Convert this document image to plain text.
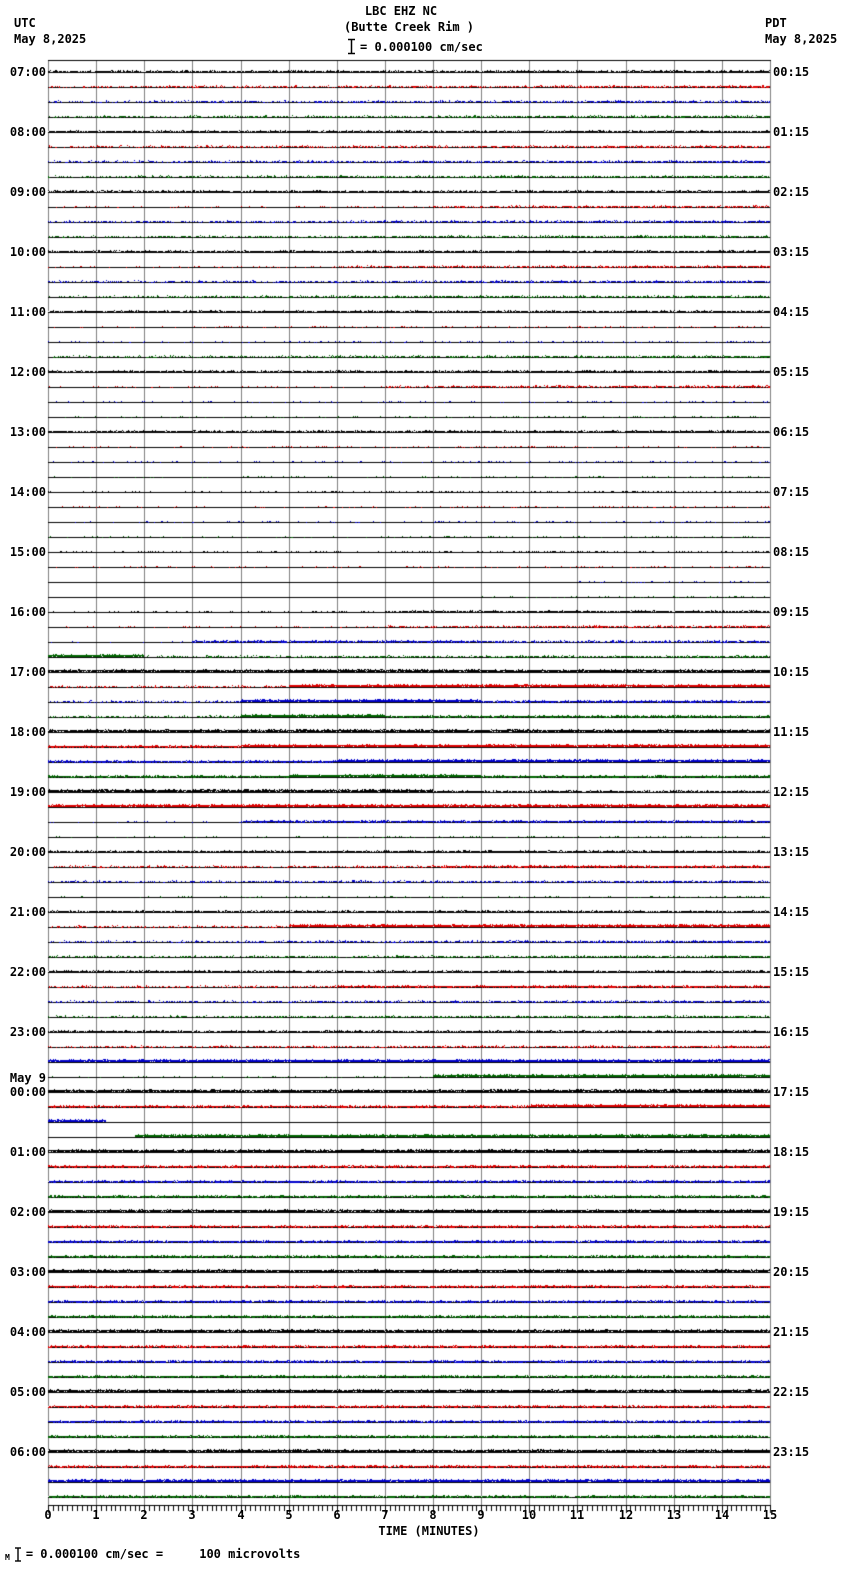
07:00
08:00
09:00
10:00
11:00
12:00
13:00
14:00
15:00
16:00
17:00
18:00
19:00
20:00
21:00
22:00
23:00
00:00
01:00
02:00
03:00
04:00
05:00
06:00
May 9
00:15
01:15
02:15
03:15
04:15
05:15
06:15
07:15
08:15
09:15
10:15
11:15
12:15
13:15
14:15
15:15
16:15
17:15
18:15
19:15
20:15
21:15
22:15
23:15
0	1	2	3	4	5	6	7	8	9	10	11	12	13	14	15
TIME (MINUTES)
M = 0.000100 cm/sec =     100 microvolts
